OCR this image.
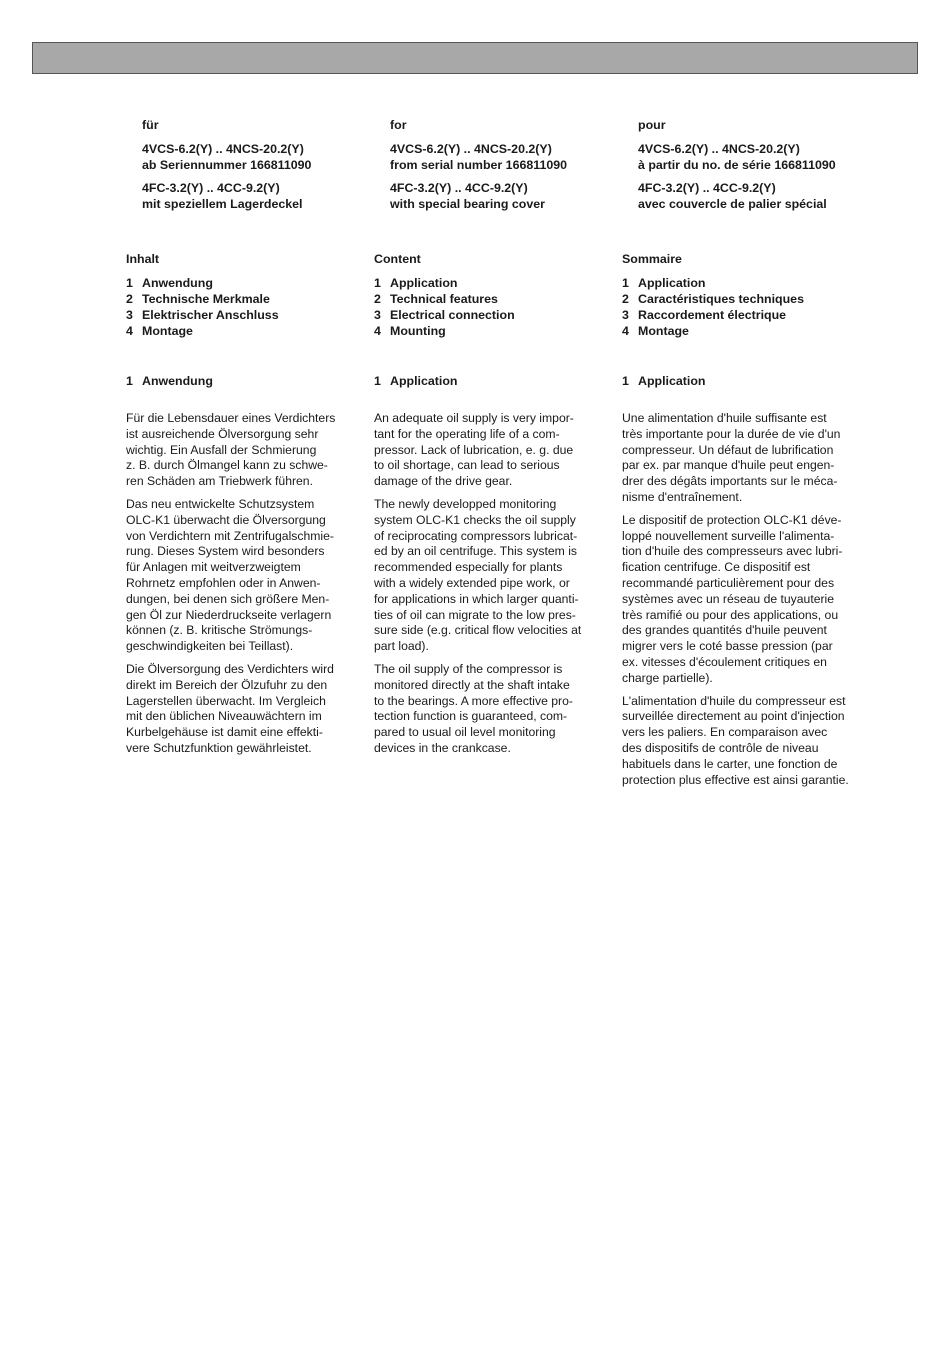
für

4VCS-6.2(Y) .. 4NCS-20.2(Y)

ab Seriennummer 166811090

4FC-3.2(Y) .. 4CC-9.2(Y)

mit speziellem Lagerdeckel

Inhalt
1 Anwendung
2 Technische Merkmale
3 Elektrischer Anschluss
4 Montage
1 Anwendung

Für die Lebensdauer eines Verdichters
ist ausreichende Ölversorgung sehr
wichtig. Ein Ausfall der Schmierung
z. B. durch Ölmangel kann zu schwe-
ren Schäden am Triebwerk führen.

Das neu entwickelte Schutzsystem
OLC-K1 überwacht die Ölversorgung
von Verdichtern mit Zentrifugalschmie-
rung. Dieses System wird besonders
für Anlagen mit weitverzweigtem
Rohrnetz empfohlen oder in Anwen-
dungen, bei denen sich größere Men-
gen Öl zur Niederdruckseite verlagern
können (z. B. kritische Strömungs-
geschwindigkeiten bei Teillast).

Die Ölversorgung des Verdichters wird
direkt im Bereich der Ölzufuhr zu den
Lagerstellen überwacht. Im Vergleich
mit den üblichen Niveauwächtern im
Kurbelgehäuse ist damit eine effekti-
vere Schutzfunktion gewährleistet.

for

4VCS-6.2(Y) .. 4NCS-20.2(Y)

from serial number 166811090

4FC-3.2(Y) .. 4CC-9.2(Y)

with special bearing cover

Content
1 Application
2 Technical features
3 Electrical connection
4 Mounting
1 Application

An adequate oil supply is very impor-
tant for the operating life of a com-
pressor. Lack of lubrication, e. g. due
to oil shortage, can lead to serious
damage of the drive gear.

The newly developped monitoring
system OLC-K1 checks the oil supply
of reciprocating compressors lubricat-
ed by an oil centrifuge. This system is
recommended especially for plants
with a widely extended pipe work, or
for applications in which larger quanti-
ties of oil can migrate to the low pres-
sure side (e.g. critical flow velocities at
part load).

The oil supply of the compressor is
monitored directly at the shaft intake
to the bearings. A more effective pro-
tection function is guaranteed, com-
pared to usual oil level monitoring
devices in the crankcase.

pour

4VCS-6.2(Y) .. 4NCS-20.2(Y)

à partir du no. de série 166811090

4FC-3.2(Y) .. 4CC-9.2(Y)

avec couvercle de palier spécial

Sommaire
1 Application
2 Caractéristiques techniques
3 Raccordement électrique
4 Montage
1 Application

Une alimentation d'huile suffisante est
très importante pour la durée de vie d'un
compresseur. Un défaut de lubrification
par ex. par manque d'huile peut engen-
drer des dégâts importants sur le méca-
nisme d'entraînement.

Le dispositif de protection OLC-K1 déve-
loppé nouvellement surveille l'alimenta-
tion d'huile des compresseurs avec lubri-
fication centrifuge. Ce dispositif est
recommandé particulièrement pour des
systèmes avec un réseau de tuyauterie
très ramifié ou pour des applications, ou
des grandes quantités d'huile peuvent
migrer vers le coté basse pression (par
ex. vitesses d'écoulement critiques en
charge partielle).

L'alimentation d'huile du compresseur est
surveillée directement au point d'injection
vers les paliers. En comparaison avec
des dispositifs de contrôle de niveau
habituels dans le carter, une fonction de
protection plus effective est ainsi garantie.
